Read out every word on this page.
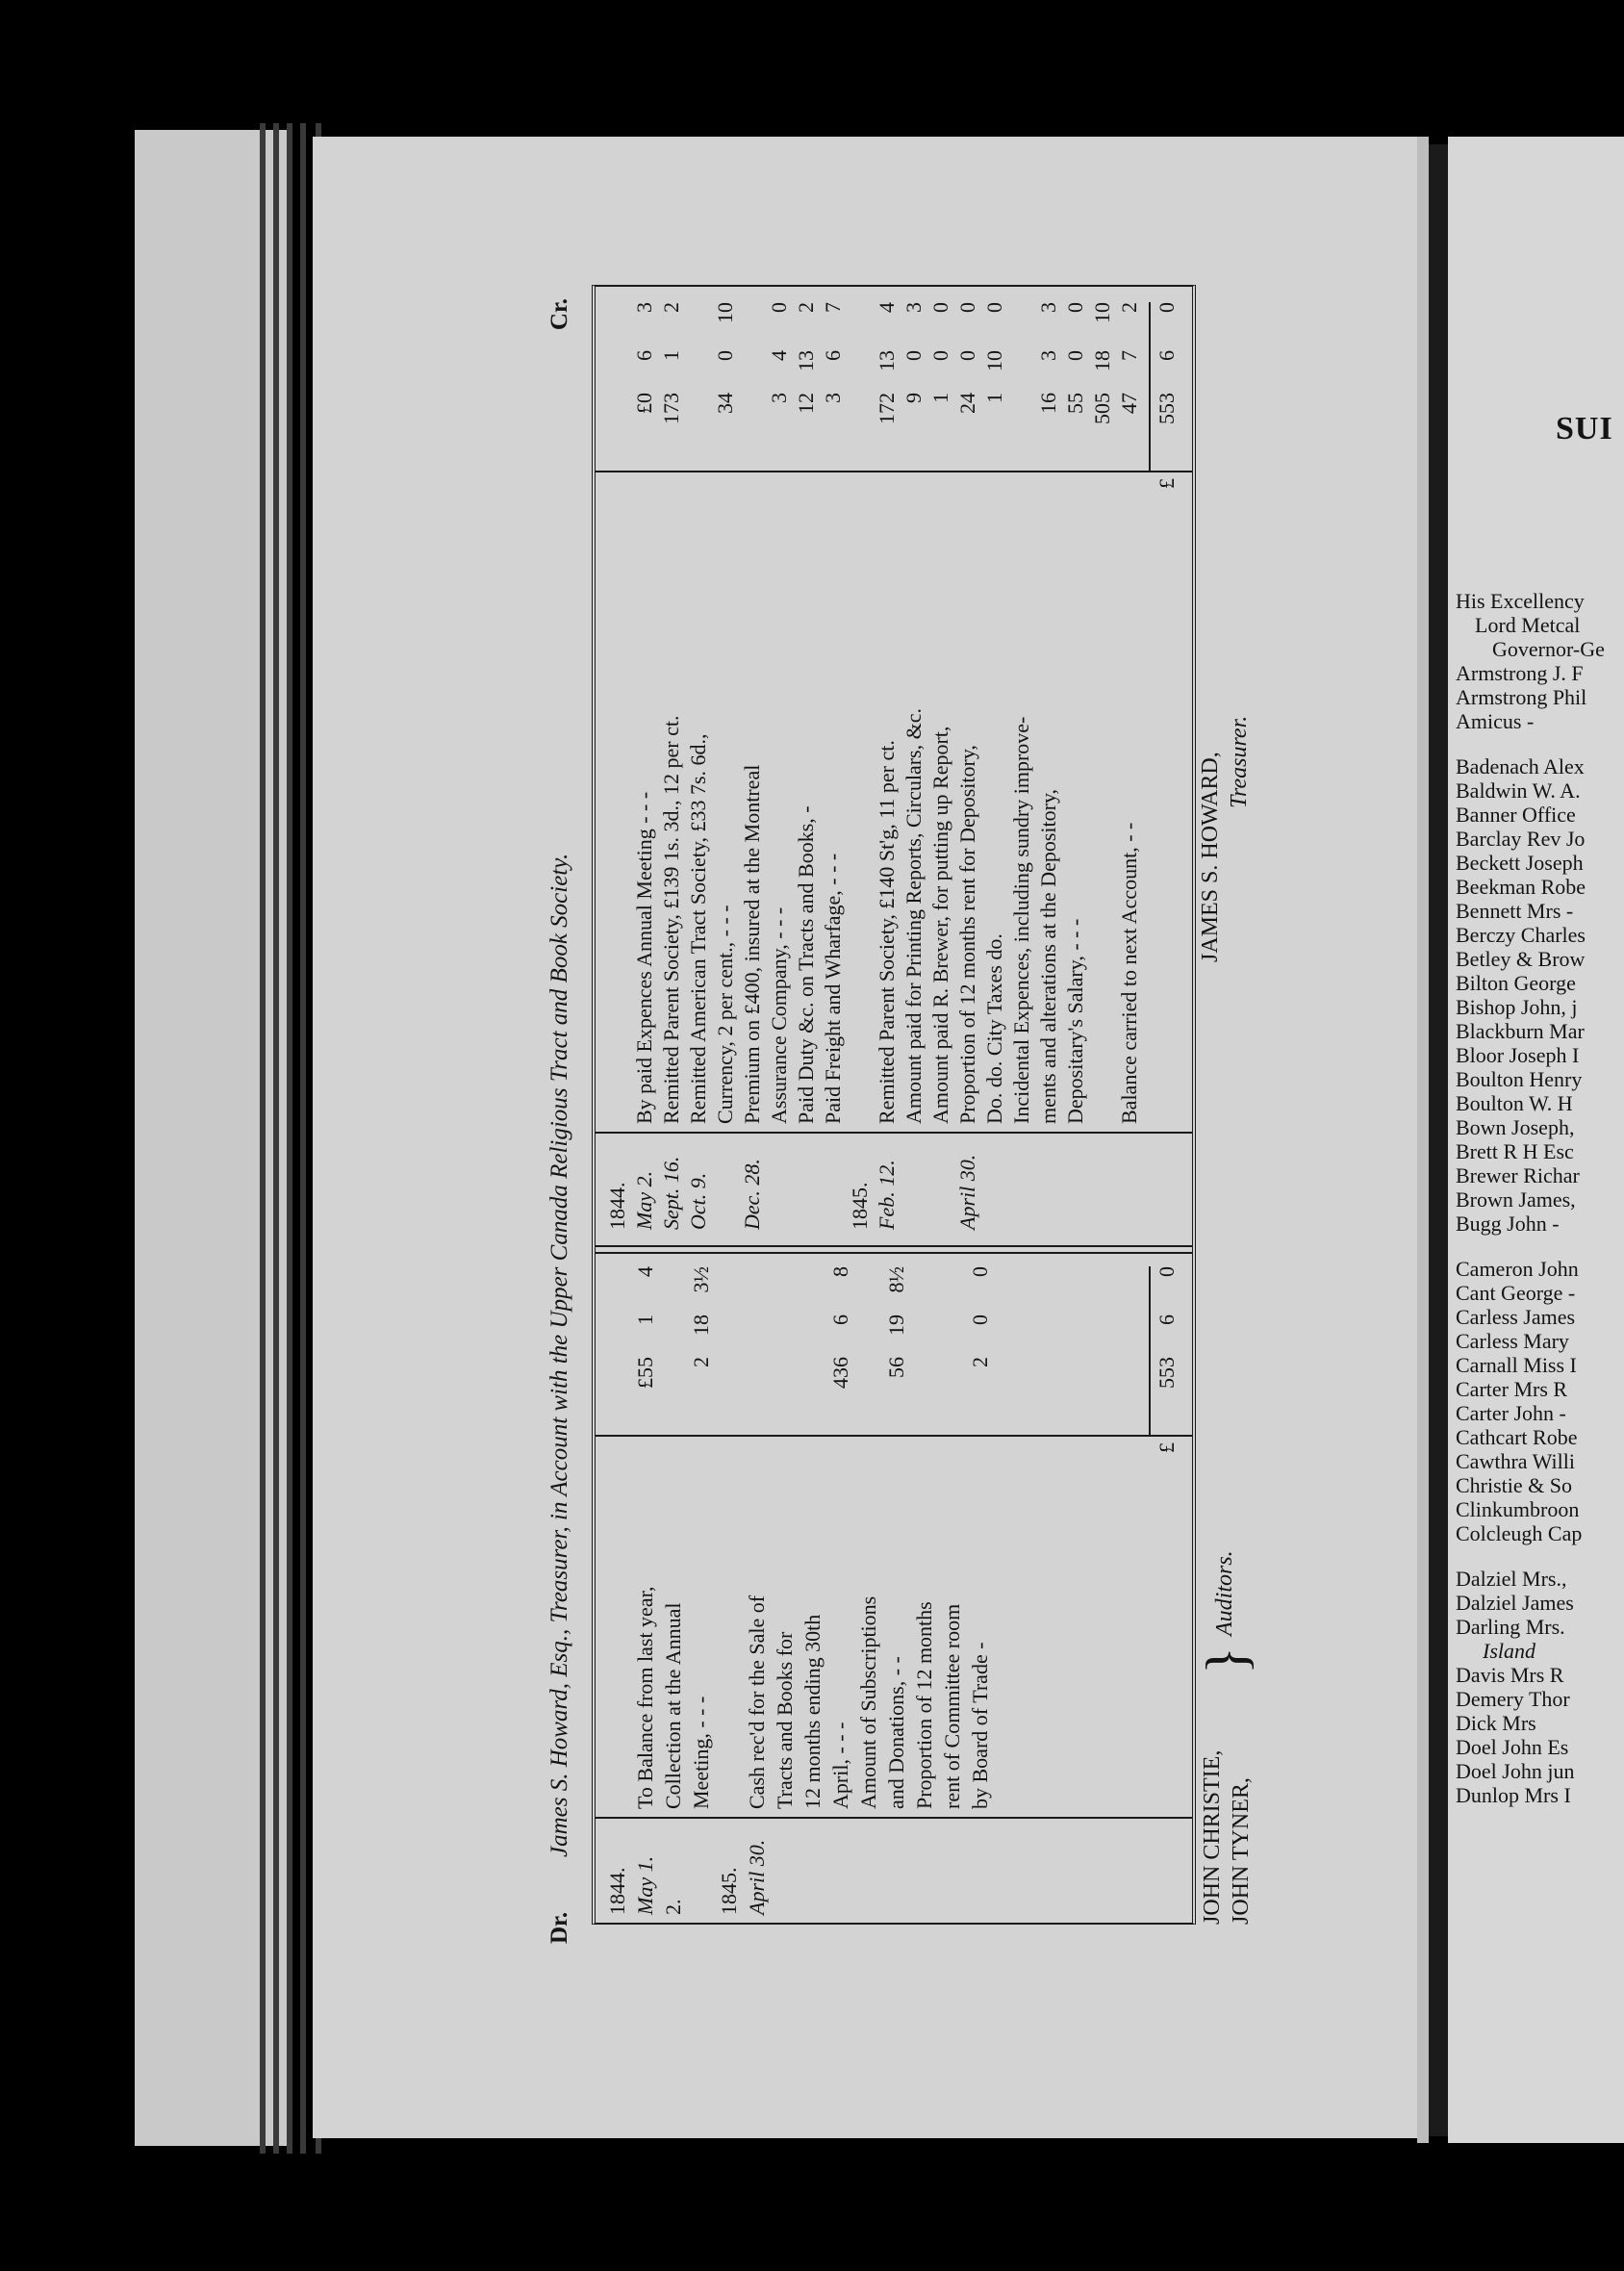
Dr.
James S. Howard, Esq., Treasurer, in Account with the Upper Canada Religious Tract and Book Society.
Cr.
1844. May 1.
To Balance from last year,
£55
1
4
2.
Collection at the Annual Meeting, - - -
2
18
3½
1845. April 30.
Cash rec'd for the Sale of Tracts and Books for 12 months ending 30th April, - - -
436
6
8
Amount of Subscriptions and Donations, - -
56
19
8½
Proportion of 12 months rent of Committee room by Board of Trade -
2
0
0
£
553
6
0
1844. May 2.
By paid Expences Annual Meeting - - -
£0
6
3
Sept. 16.
Remitted Parent Society, £139 1s. 3d., 12 per ct.
173
1
2
Oct. 9.
Remitted American Tract Society, £33 7s. 6d., Currency, 2 per cent., - - -
34
0
10
Dec. 28.
Premium on £400, insured at the Montreal Assurance Company, - - -
3
4
0
Paid Duty &c. on Tracts and Books, -
12
13
2
Paid Freight and Wharfage, - - -
3
6
7
1845. Feb. 12.
Remitted Parent Society, £140 St'g, 11 per ct.
172
13
4
Amount paid for Printing Reports, Circulars, &c.
9
0
3
Amount paid R. Brewer, for putting up Report,
1
0
0
April 30.
Proportion of 12 months rent for Depository,
24
0
0
Do. do. City Taxes do.
1
10
0
Incidental Expences, including sundry improve- ments and alterations at the Depository,
16
3
3
Depositary's Salary, - - -
55
0
0
505
18
10
Balance carried to next Account, - -
47
7
2
£
553
6
0
JOHN CHRISTIE, JOHN TYNER,
}
Auditors.
JAMES S. HOWARD, Treasurer.
SUI
His Excellency
Lord Metcal
Governor-Ge
Armstrong J. F
Armstrong Phil
Amicus -
Badenach Alex
Baldwin W. A.
Banner Office
Barclay Rev Jo
Beckett Joseph
Beekman Robe
Bennett Mrs -
Berczy Charles
Betley & Brow
Bilton George
Bishop John, j
Blackburn Mar
Bloor Joseph I
Boulton Henry
Boulton W. H
Bown Joseph,
Brett R H Esc
Brewer Richar
Brown James,
Bugg John -
Cameron John
Cant George -
Carless James
Carless Mary
Carnall Miss I
Carter Mrs R
Carter John -
Cathcart Robe
Cawthra Willi
Christie & So
Clinkumbroon
Colcleugh Cap
Dalziel Mrs.,
Dalziel James
Darling Mrs.
Island
Davis Mrs R
Demery Thor
Dick Mrs
Doel John Es
Doel John jun
Dunlop Mrs I
